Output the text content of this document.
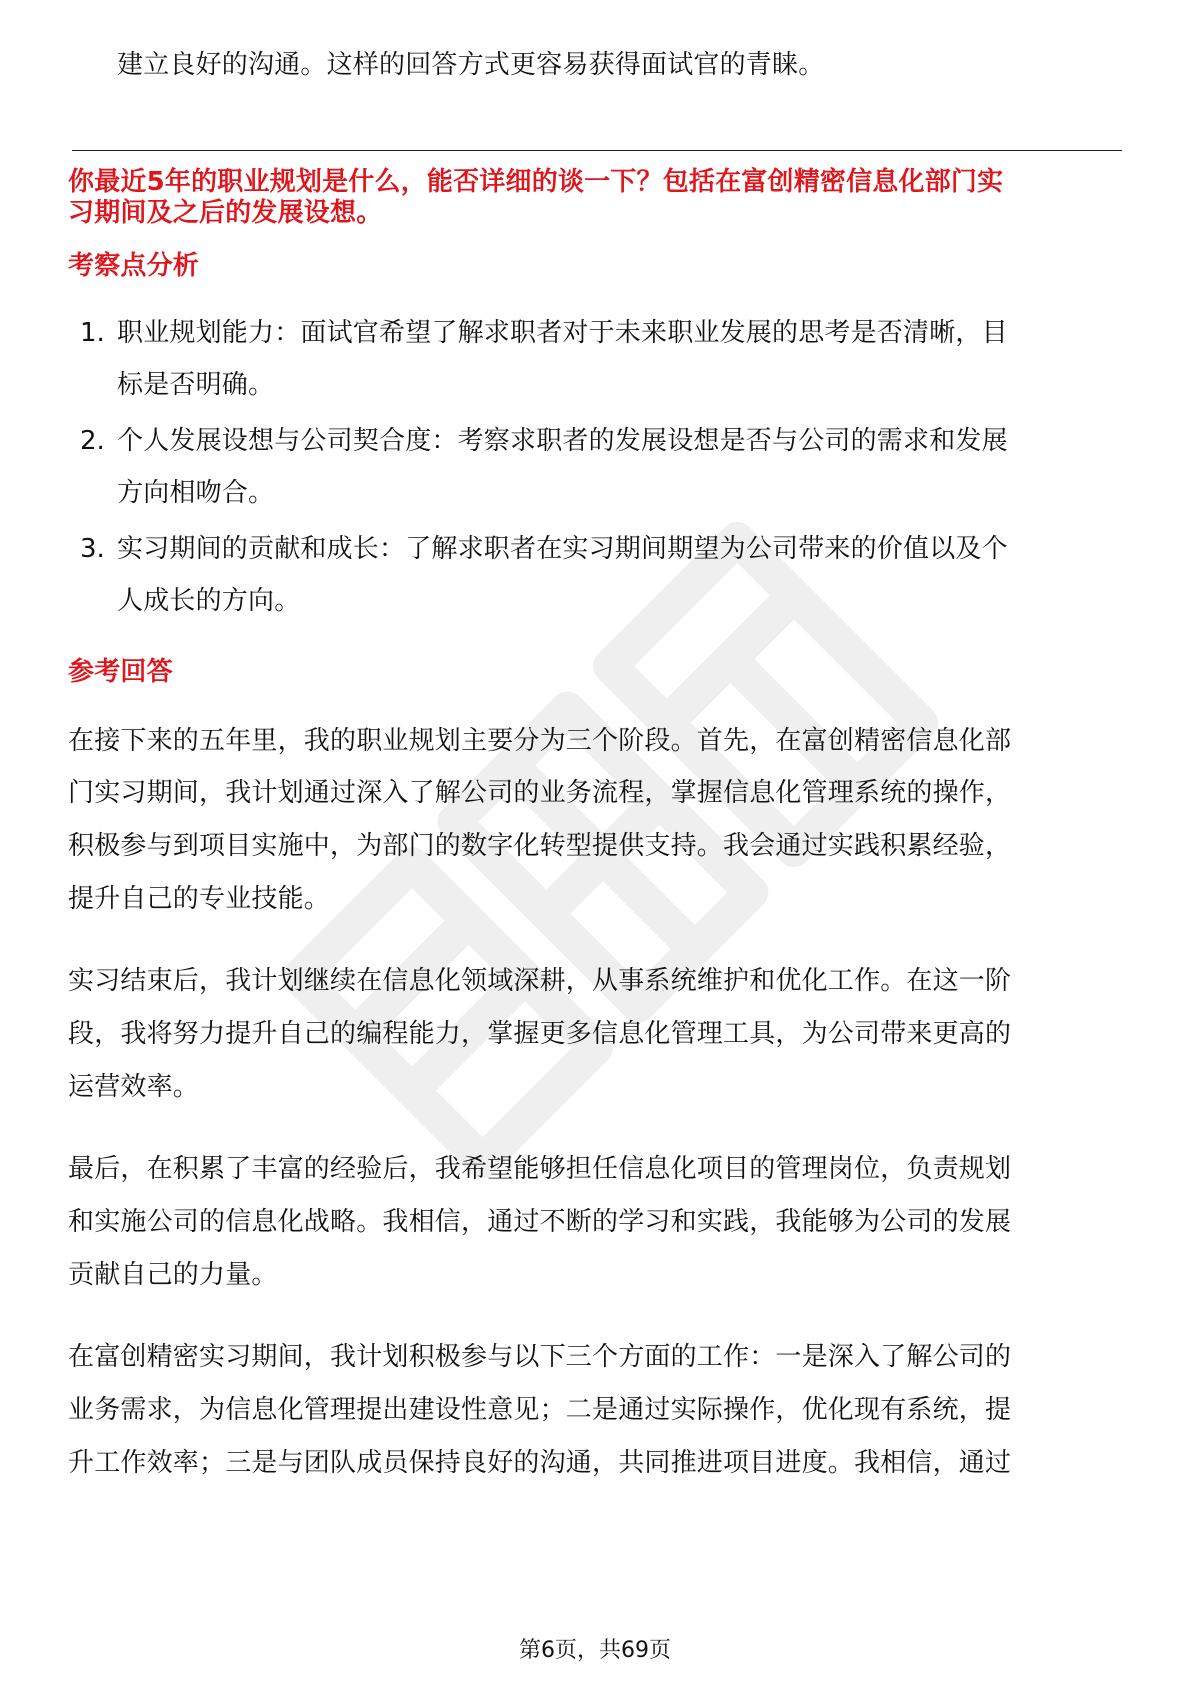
建立良好的沟通。这样的回答方式更容易获得面试官的青睐。
你最近5年的职业规划是什么，能否详细的谈一下？包括在富创精密信息化部门实
习期间及之后的发展设想。
考察点分析
1. 职业规划能力：面试官希望了解求职者对于未来职业发展的思考是否清晰，目
标是否明确。
2. 个人发展设想与公司契合度：考察求职者的发展设想是否与公司的需求和发展
方向相吻合。
3. 实习期间的贡献和成长：了解求职者在实习期间期望为公司带来的价值以及个
人成长的方向。
参考回答
在接下来的五年里，我的职业规划主要分为三个阶段。首先，在富创精密信息化部
门实习期间，我计划通过深入了解公司的业务流程，掌握信息化管理系统的操作，
积极参与到项目实施中，为部门的数字化转型提供支持。我会通过实践积累经验，
提升自己的专业技能。
实习结束后，我计划继续在信息化领域深耕，从事系统维护和优化工作。在这一阶
段，我将努力提升自己的编程能力，掌握更多信息化管理工具，为公司带来更高的
运营效率。
最后，在积累了丰富的经验后，我希望能够担任信息化项目的管理岗位，负责规划
和实施公司的信息化战略。我相信，通过不断的学习和实践，我能够为公司的发展
贡献自己的力量。
在富创精密实习期间，我计划积极参与以下三个方面的工作：一是深入了解公司的
业务需求，为信息化管理提出建设性意见；二是通过实际操作，优化现有系统，提
升工作效率；三是与团队成员保持良好的沟通，共同推进项目进度。我相信，通过
第6页，共69页
